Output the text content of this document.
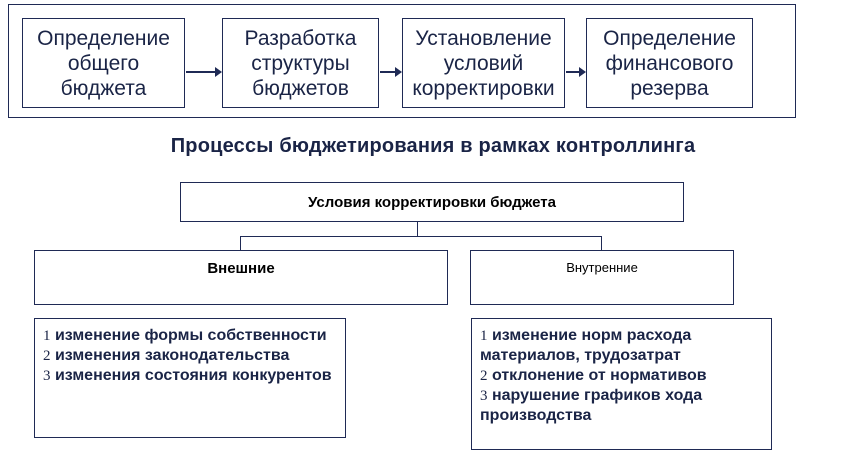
Определение общего бюджета
Разработка структуры бюджетов
Установление условий корректировки
Определение финансового резерва
Процессы бюджетирования в рамках контроллинга
Условия корректировки бюджета
Внешние	Внутренние
1 изменение формы собственности
2 изменения законодательства
3 изменения состояния конкурентов
1 изменение норм расхода материалов, трудозатрат
2 отклонение от нормативов
3 нарушение графиков хода производства
